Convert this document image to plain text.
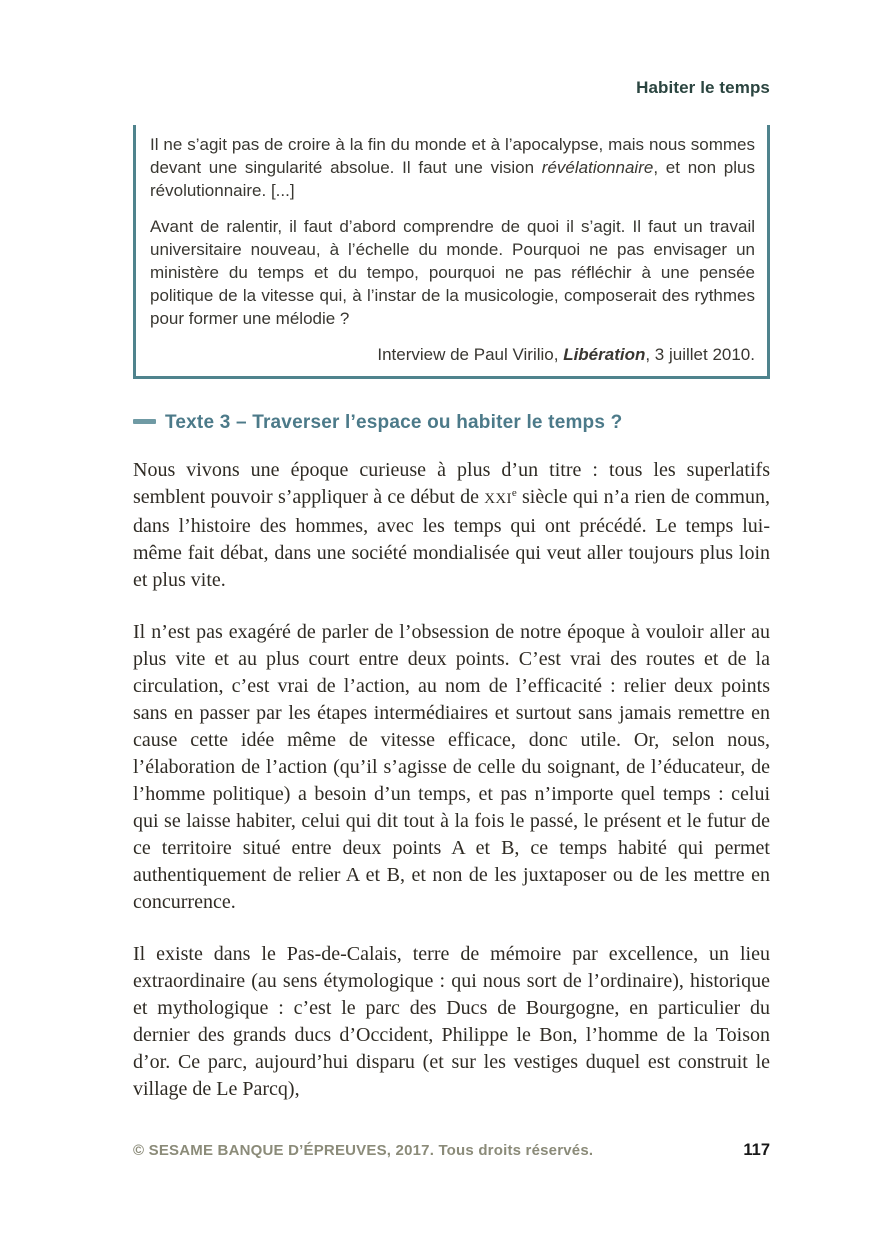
Habiter le temps

Il ne s’agit pas de croire à la fin du monde et à l’apocalypse, mais nous sommes devant une singularité absolue. Il faut une vision révélationnaire, et non plus révolutionnaire. [...]

Avant de ralentir, il faut d’abord comprendre de quoi il s’agit. Il faut un travail universitaire nouveau, à l’échelle du monde. Pourquoi ne pas envisager un ministère du temps et du tempo, pourquoi ne pas réfléchir à une pensée politique de la vitesse qui, à l’instar de la musicologie, composerait des rythmes pour former une mélodie ?

Interview de Paul Virilio, Libération, 3 juillet 2010.

Texte 3 – Traverser l’espace ou habiter le temps ?

Nous vivons une époque curieuse à plus d’un titre : tous les superlatifs semblent pouvoir s’appliquer à ce début de XXIe siècle qui n’a rien de commun, dans l’histoire des hommes, avec les temps qui ont précédé. Le temps lui-même fait débat, dans une société mondialisée qui veut aller toujours plus loin et plus vite.

Il n’est pas exagéré de parler de l’obsession de notre époque à vouloir aller au plus vite et au plus court entre deux points. C’est vrai des routes et de la circulation, c’est vrai de l’action, au nom de l’efficacité : relier deux points sans en passer par les étapes intermédiaires et surtout sans jamais remettre en cause cette idée même de vitesse efficace, donc utile. Or, selon nous, l’élaboration de l’action (qu’il s’agisse de celle du soignant, de l’éducateur, de l’homme politique) a besoin d’un temps, et pas n’importe quel temps : celui qui se laisse habiter, celui qui dit tout à la fois le passé, le présent et le futur de ce territoire situé entre deux points A et B, ce temps habité qui permet authentiquement de relier A et B, et non de les juxtaposer ou de les mettre en concurrence.

Il existe dans le Pas-de-Calais, terre de mémoire par excellence, un lieu extraordinaire (au sens étymologique : qui nous sort de l’ordinaire), historique et mythologique : c’est le parc des Ducs de Bourgogne, en particulier du dernier des grands ducs d’Occident, Philippe le Bon, l’homme de la Toison d’or. Ce parc, aujourd’hui disparu (et sur les vestiges duquel est construit le village de Le Parcq),

© SESAME BANQUE D’ÉPREUVES, 2017. Tous droits réservés.	117
